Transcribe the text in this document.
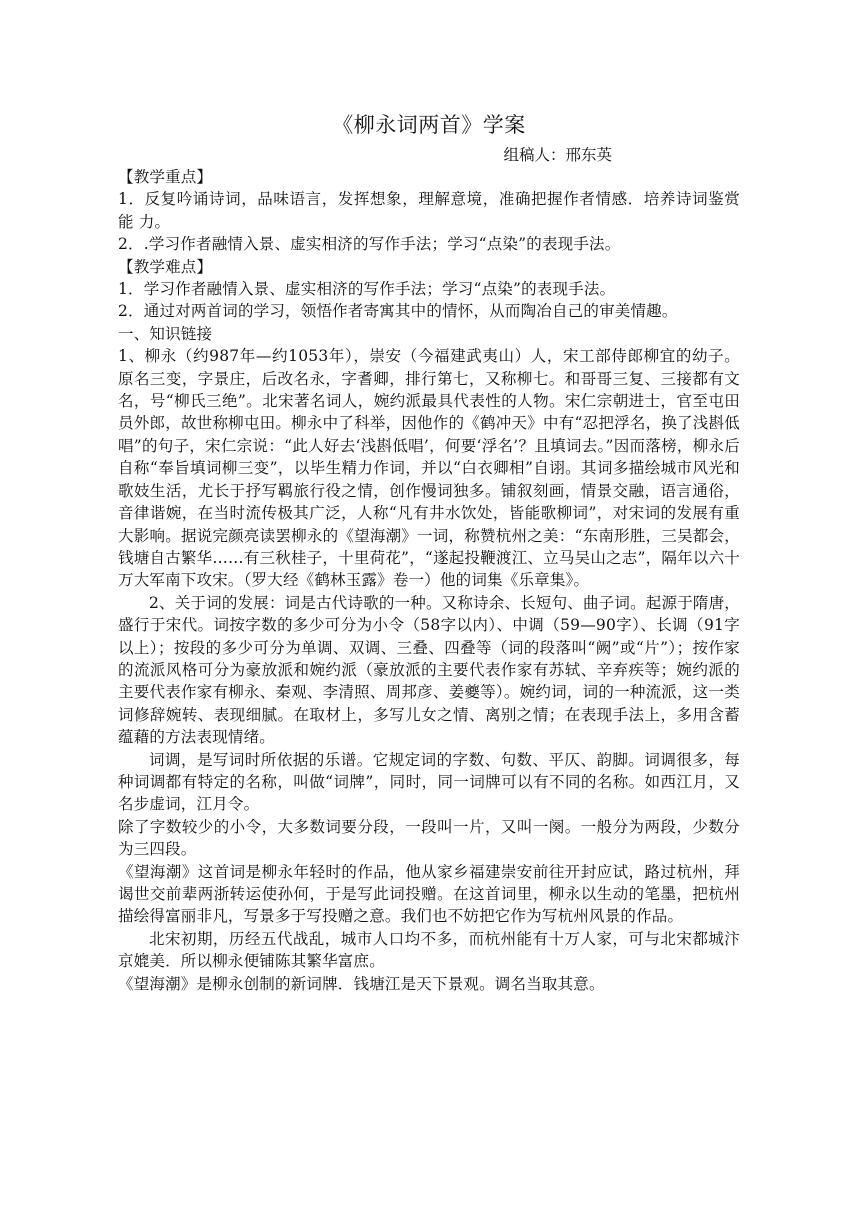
《柳永词两首》学案
组稿人：邢东英

【教学重点】

1．反复吟诵诗词，品味语言，发挥想象，理解意境，准确把握作者情感．培养诗词鉴赏能 力。

2．.学习作者融情入景、虚实相济的写作手法；学习“点染”的表现手法。

【教学难点】

1．学习作者融情入景、虚实相济的写作手法；学习“点染”的表现手法。

2．通过对两首词的学习，领悟作者寄寓其中的情怀，从而陶冶自己的审美情趣。

一、知识链接

1、柳永（约987年—约1053年），崇安（今福建武夷山）人，宋工部侍郎柳宜的幼子。原名三变，字景庄，后改名永，字耆卿，排行第七，又称柳七。和哥哥三复、三接都有文名，号“柳氏三绝”。北宋著名词人，婉约派最具代表性的人物。宋仁宗朝进士，官至屯田员外郎，故世称柳屯田。柳永中了科举，因他作的《鹤冲天》中有“忍把浮名，换了浅斟低唱”的句子，宋仁宗说：“此人好去‘浅斟低唱’，何要‘浮名’？且填词去。”因而落榜，柳永后自称“奉旨填词柳三变”，以毕生精力作词，并以“白衣卿相”自诩。其词多描绘城市风光和歌妓生活，尤长于抒写羁旅行役之情，创作慢词独多。铺叙刻画，情景交融，语言通俗，音律谐婉，在当时流传极其广泛，人称“凡有井水饮处，皆能歌柳词”，对宋词的发展有重大影响。据说完颜亮读罢柳永的《望海潮》一词，称赞杭州之美：“东南形胜，三吴都会，钱塘自古繁华……有三秋桂子，十里荷花”，“遂起投鞭渡江、立马吴山之志”，隔年以六十万大军南下攻宋。（罗大经《鹤林玉露》卷一）他的词集《乐章集》。

2、关于词的发展：词是古代诗歌的一种。又称诗余、长短句、曲子词。起源于隋唐，盛行于宋代。词按字数的多少可分为小令（58字以内）、中调（59—90字）、长调（91字以上）；按段的多少可分为单调、双调、三叠、四叠等（词的段落叫“阙”或“片”）；按作家的流派风格可分为豪放派和婉约派（豪放派的主要代表作家有苏轼、辛弃疾等；婉约派的主要代表作家有柳永、秦观、李清照、周邦彦、姜夔等）。婉约词，词的一种流派，这一类词修辞婉转、表现细腻。在取材上，多写儿女之情、离别之情；在表现手法上，多用含蓄蕴藉的方法表现情绪。

词调，是写词时所依据的乐谱。它规定词的字数、句数、平仄、韵脚。词调很多，每种词调都有特定的名称，叫做“词牌”，同时，同一词牌可以有不同的名称。如西江月，又名步虚词，江月令。

除了字数较少的小令，大多数词要分段，一段叫一片，又叫一阕。一般分为两段，少数分为三四段。

《望海潮》这首词是柳永年轻时的作品，他从家乡福建崇安前往开封应试，路过杭州，拜谒世交前辈两浙转运使孙何，于是写此词投赠。在这首词里，柳永以生动的笔墨，把杭州描绘得富丽非凡，写景多于写投赠之意。我们也不妨把它作为写杭州风景的作品。

北宋初期，历经五代战乱，城市人口均不多，而杭州能有十万人家，可与北宋都城汴京媲美．所以柳永便铺陈其繁华富庶。

《望海潮》是柳永创制的新词牌．钱塘江是天下景观。调名当取其意。
